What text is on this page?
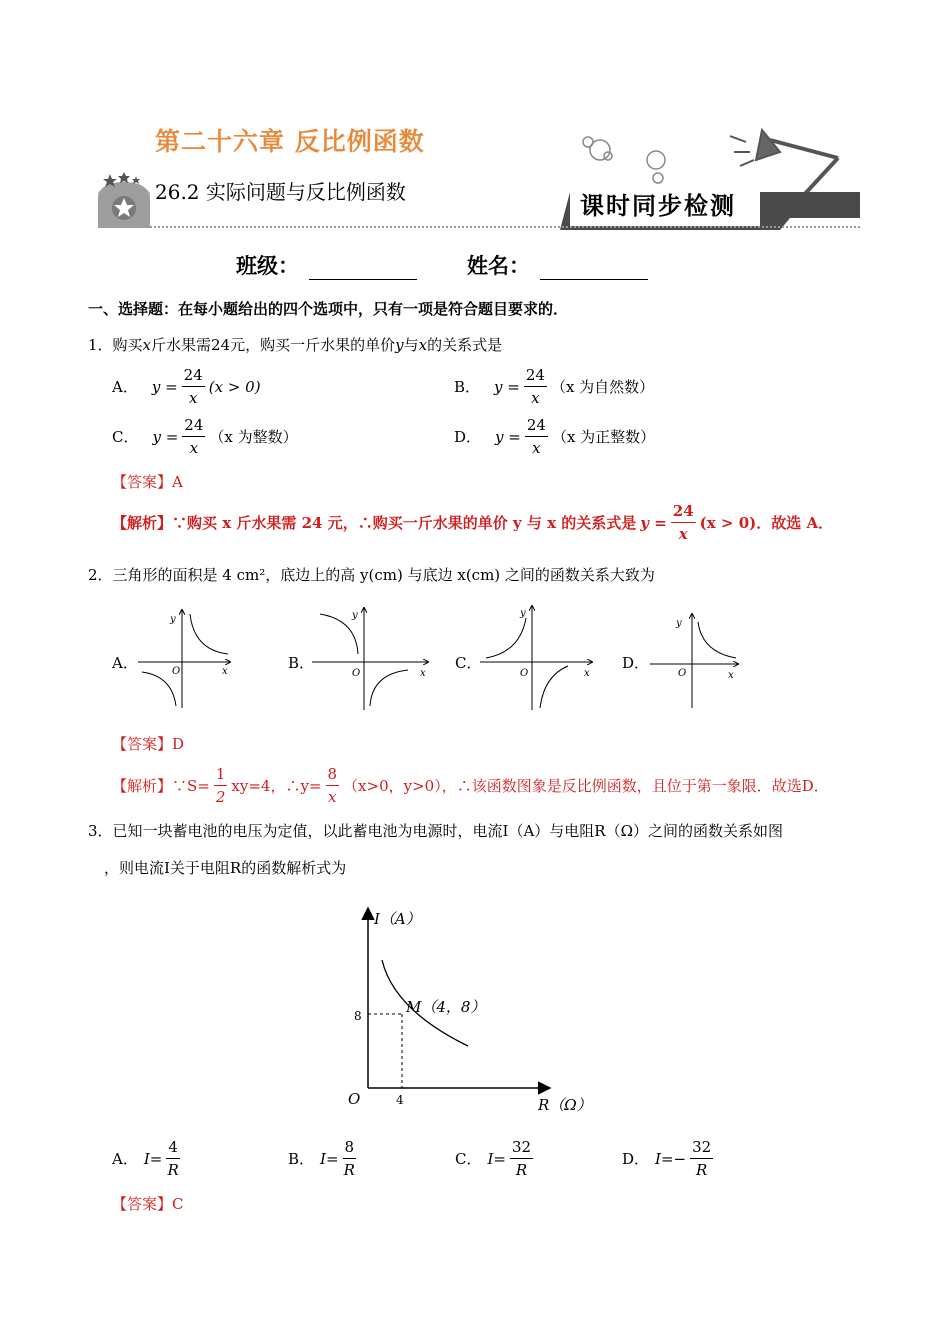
第二十六章 反比例函数
26.2 实际问题与反比例函数	课时同步检测
班级：	姓名：
一、选择题：在每小题给出的四个选项中，只有一项是符合题目要求的．
1．购买x斤水果需24元，购买一斤水果的单价y与x的关系式是
A． $y = \frac{24}{x} (x > 0)$	B． $y = \frac{24}{x} (x$ 为自然数）
C． $y = \frac{24}{x} (x$ 为整数）	D． $y = \frac{24}{x} (x$ 为正整数）
【答案】A
【解析】∵购买 x 斤水果需 24 元，∴购买一斤水果的单价 y 与 x 的关系式是 $y = \frac{24}{x} (x > 0)$．故选 A．
2．三角形的面积是 4 cm²，底边上的高 y(cm) 与底边 x(cm) 之间的函数关系大致为
A．	B．	C．	D．
y
x
O
y
x
O
y
x
O
y
x
O
【答案】D
【解析】∵S= $\frac{1}{2} xy=4$，∴y= $\frac{8}{x} (x>0$，y>0），∴该函数图象是反比例函数，且位于第一象限．故选D．
3．已知一块蓄电池的电压为定值，以此蓄电池为电源时，电流I（A）与电阻R（Ω）之间的函数关系如图
，则电流I关于电阻R的函数解析式为
I（A）
R（Ω）
O
M（4，8）
8
4
A． $I= \frac{4}{R}$	B． $I= \frac{8}{R}$	C． $I= \frac{32}{R}$	D． $I=- \frac{32}{R}$
【答案】C
